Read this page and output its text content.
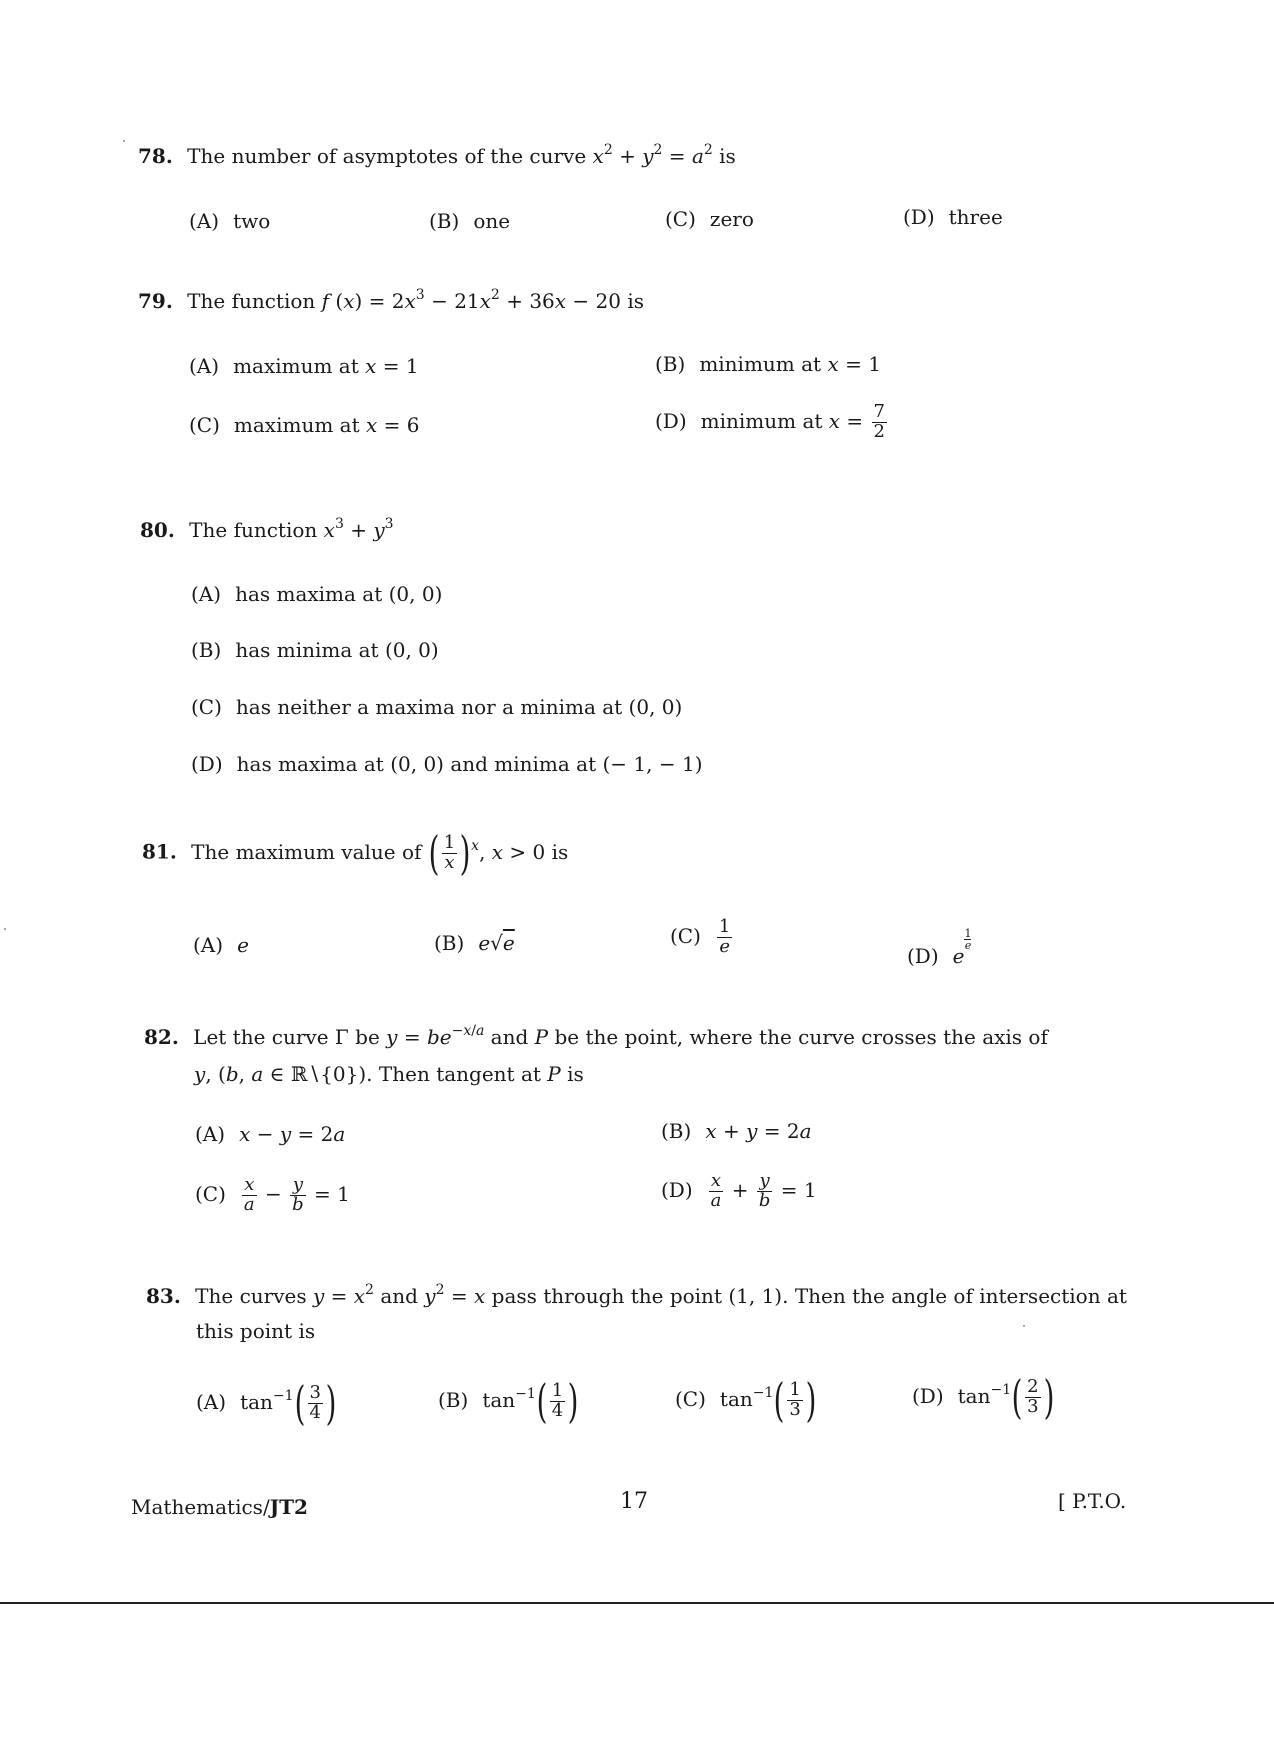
78. The number of asymptotes of the curve $x^2 + y^2 = a^2$ is
(A) two	(B) one	(C) zero	(D) three
79. The function f $(x) = 2x^3 - 21x^2 + 36x - 20$ is
(A) maximum at x = 1	(B) minimum at x = 1
(C) maximum at x = 6	(D) minimum at $x = \frac{7}{2}$
80. The function $x^3 + y^3$
(A) has maxima at (0, 0)
(B) has minima at (0, 0)
(C) has neither a maxima nor a minima at (0, 0)
(D) has maxima at (0, 0) and minima at (− 1, − 1)
81. The maximum value of ( $\frac{1}{x} )^x$, x > 0 is
(A) e	(B) e√e	$(C) \frac{1}{e}$	(D) e
$\frac{1}{e}$
82. Let the curve Γ be $y = be^{-x/a}$ and P be the point, where the curve crosses the axis of
y, (b, a ∈ ℝ∖{0}). Then tangent at P is
(A) x − y = 2a	(B) x + y = 2a
$(C) \frac{x}{a} - \frac{y}{b} = 1$	$(D) \frac{x}{a} + \frac{y}{b} = 1$
83. The curves $y = x^2$ and $y^2 = x$ pass through the point (1, 1). Then the angle of intersection at
this point is
(A) $\tan^{-1}( \frac{3}{4}$ )	(B) $\tan^{-1}( \frac{1}{4}$ )	(C) $\tan^{-1}( \frac{1}{3}$ )	(D) $\tan^{-1}( \frac{2}{3}$ )
Mathematics/JT2	17	[ P.T.O.
